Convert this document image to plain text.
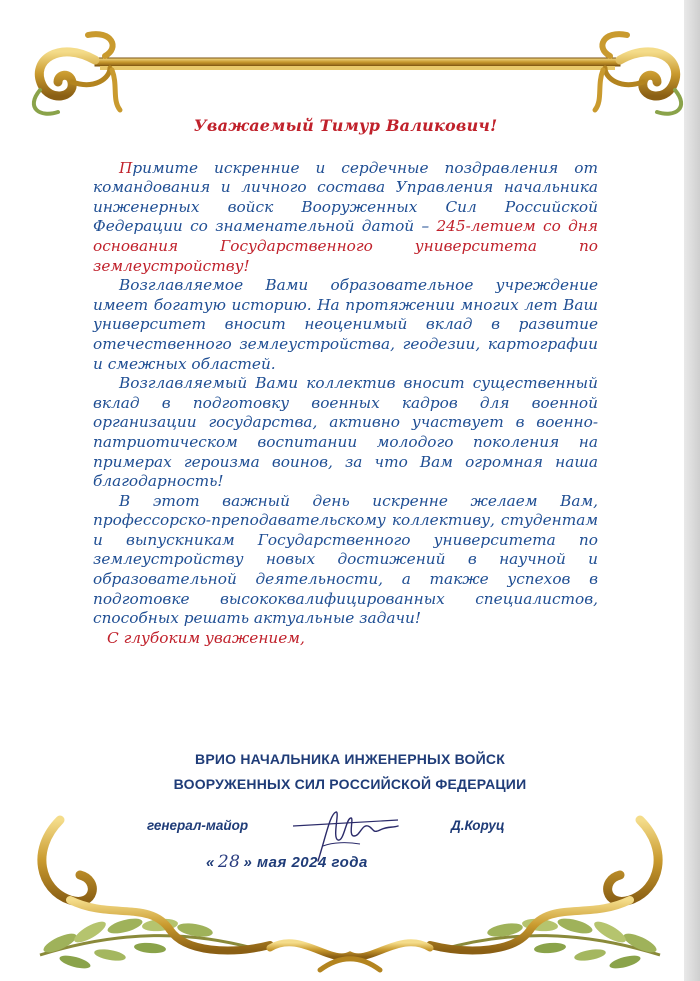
Уважаемый Тимур Валикович!

Примите искренние и сердечные поздравления от командования и личного состава Управления начальника инженерных войск Вооруженных Сил Российской Федерации со знаменательной датой – 245-летием со дня основания Государственного университета по землеустройству!

Возглавляемое Вами образовательное учреждение имеет богатую историю. На протяжении многих лет Ваш университет вносит неоценимый вклад в развитие отечественного землеустройства, геодезии, картографии и смежных областей.

Возглавляемый Вами коллектив вносит существенный вклад в подготовку военных кадров для военной организации государства, активно участвует в военно-патриотическом воспитании молодого поколения на примерах героизма воинов, за что Вам огромная наша благодарность!

В этот важный день искренне желаем Вам, профессорско-преподавательскому коллективу, студентам и выпускникам Государственного университета по землеустройству новых достижений в научной и образовательной деятельности, а также успехов в подготовке высококвалифицированных специалистов, способных решать актуальные задачи!

С глубоким уважением,

ВРИО НАЧАЛЬНИКА ИНЖЕНЕРНЫХ ВОЙСК
ВООРУЖЕННЫХ СИЛ РОССИЙСКОЙ ФЕДЕРАЦИИ
генерал-майор	Д.Коруц
« 28 » мая 2024 года
